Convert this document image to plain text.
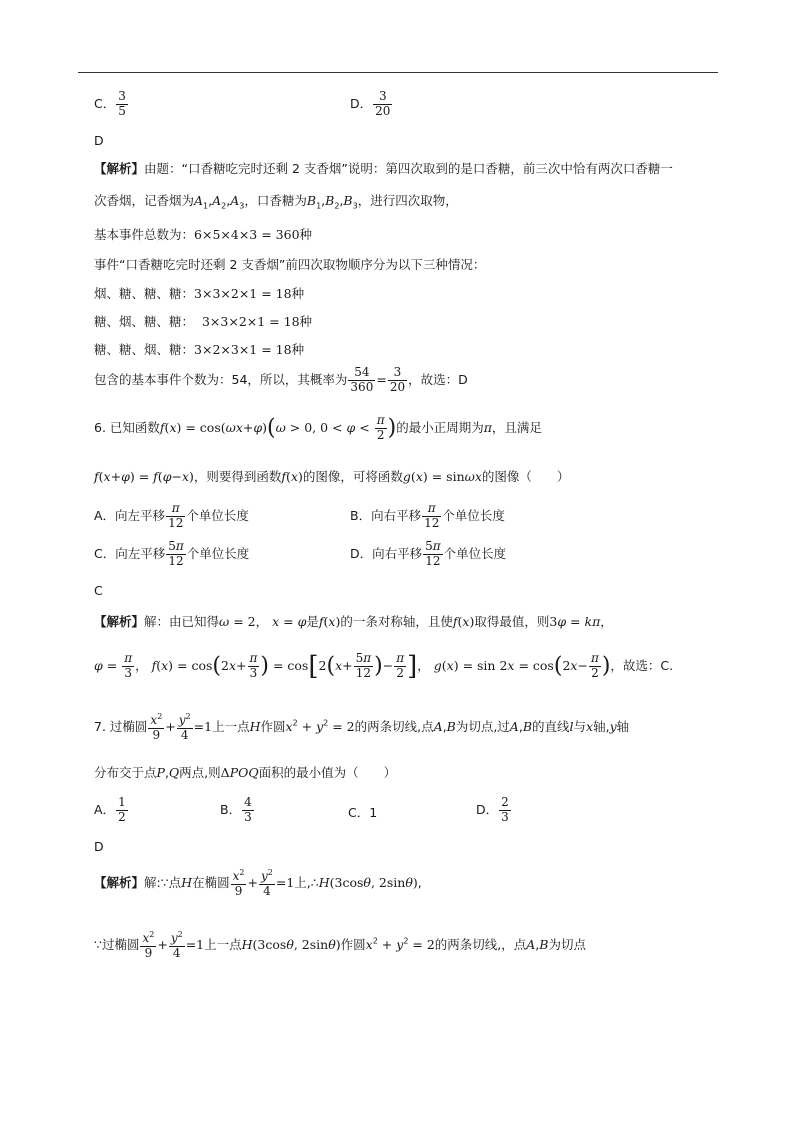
C． $\frac{3}{5}$	D． $\frac{3}{20}$
D
【解析】由题：“口香糖吃完时还剩 2 支香烟”说明：第四次取到的是口香糖，前三次中恰有两次口香糖一
次香烟，记香烟为$A_1,A_2,A_3$，口香糖为$B_1,B_2,B_3$，进行四次取物，
基本事件总数为：6×5×4×3 = 360种
事件“口香糖吃完时还剩 2 支香烟”前四次取物顺序分为以下三种情况：
烟、糖、糖、糖：3×3×2×1 = 18种
糖、烟、糖、糖： 3×3×2×1 = 18种
糖、糖、烟、糖：3×2×3×1 = 18种
包含的基本事件个数为：54，所以，其概率为 $\frac{54}{360} = \frac{3}{20}$ ，故选：D
6. 已知函数f(x) = cos(ωx+φ)(ω > 0, $0 < \varphi < \frac{\pi}{2}$ )的最小正周期为π，且满足
f(x+φ) = f(φ−x)，则要得到函数f(x)的图像，可将函数g(x) = sinωx的图像（　　）
A．向左平移 $\frac{\pi}{12}$ 个单位长度	B．向右平移 $\frac{\pi}{12}$ 个单位长度
C．向左平移 $\frac{5\pi}{12}$ 个单位长度	D．向右平移 $\frac{5\pi}{12}$ 个单位长度
C
【解析】解：由已知得ω = 2， x = φ是f(x)的一条对称轴，且使f(x)取得最值，则3φ = kπ，
$\varphi = \frac{\pi}{3}$ ， $f(x) = \cos(2x+ \frac{\pi}{3}$ ) = $\cos[2(x+ \frac{5\pi}{12}$ )− $\frac{\pi}{2}$ ]， $g(x) = \sin 2x = \cos(2x- \frac{\pi}{2}$ )，故选：C.
7. 过椭圆 $\frac{x^2}{9} + \frac{y^2}{4} =1$上一点H作圆$x^2 + y^2 = 2$的两条切线,点A,B为切点,过A,B的直线l与x轴,y轴
分布交于点P,Q两点,则ΔPOQ面积的最小值为（　　）
A． $\frac{1}{2}$	B． $\frac{4}{3}$	C．1	D． $\frac{2}{3}$
D
【解析】解:∵点H在椭圆 $\frac{x^2}{9} + \frac{y^2}{4} =1$上,∴H(3cosθ, 2sinθ),
∵过椭圆 $\frac{x^2}{9} + \frac{y^2}{4} =1$上一点H(3cosθ, 2sinθ)作圆$x^2 + y^2 = 2$的两条切线,，点A,B为切点
